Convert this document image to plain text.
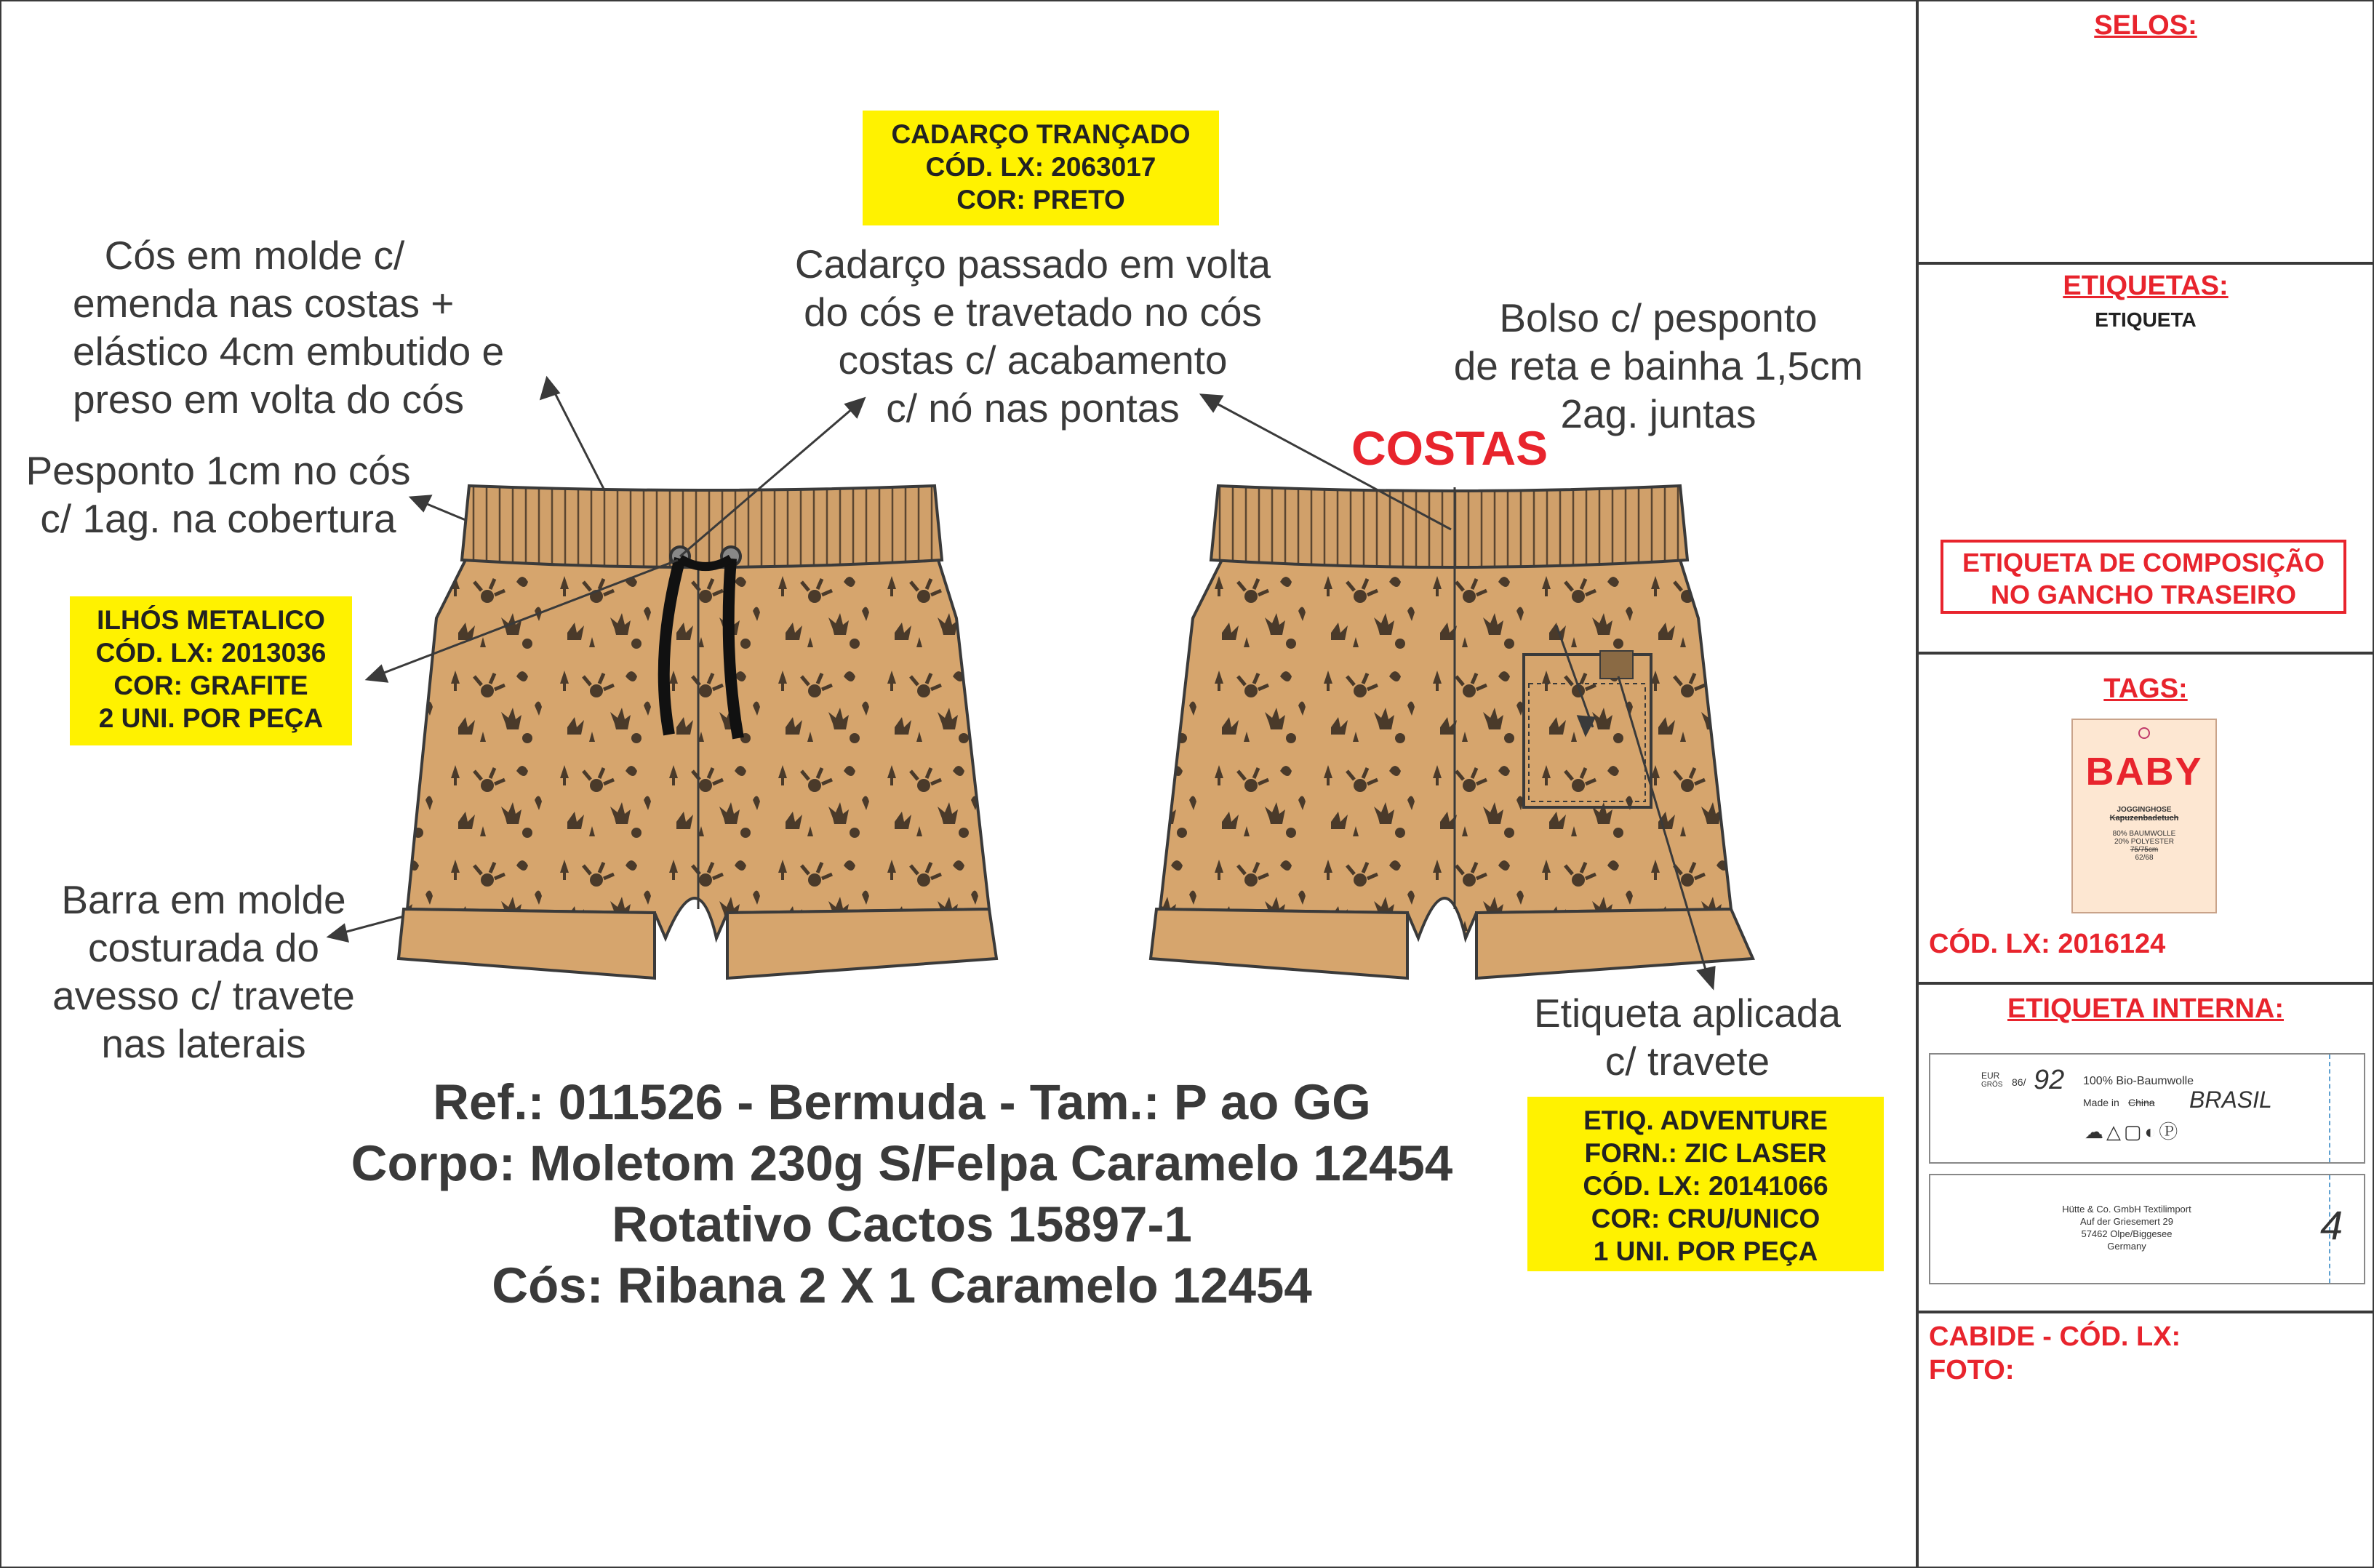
Cós em molde c/
emenda nas costas +
elástico 4cm embutido e
preso em volta do cós
Pesponto 1cm no cós
c/ 1ag. na cobertura
Barra em molde
costurada do
avesso c/ travete
nas laterais
Cadarço passado em volta
do cós e travetado no cós
costas c/ acabamento
c/ nó nas pontas
Bolso c/ pesponto
de reta e bainha 1,5cm
2ag. juntas
Etiqueta aplicada
c/ travete
COSTAS
CADARÇO TRANÇADO
CÓD. LX: 2063017
COR: PRETO
ILHÓS METALICO
CÓD. LX: 2013036
COR: GRAFITE
2 UNI. POR PEÇA
ETIQ. ADVENTURE
FORN.: ZIC LASER
CÓD. LX: 20141066
COR: CRU/UNICO
1 UNI. POR PEÇA
Ref.: 011526 - Bermuda - Tam.: P ao GG
Corpo: Moletom 230g S/Felpa Caramelo 12454
Rotativo Cactos 15897-1
Cós: Ribana 2 X 1 Caramelo 12454
SELOS:
ETIQUETAS:
ETIQUETA
ETIQUETA DE COMPOSIÇÃO
NO GANCHO TRASEIRO
TAGS:
BABY
JOGGINGHOSE
Kapuzenbadetuch
80% BAUMWOLLE
20% POLYESTER
75/75cm
62/68
CÓD. LX: 2016124
ETIQUETA INTERNA:
EUR
GRÖS 86/ 92 100% Bio-Baumwolle
Made in China BRASIL
☁△▢◐Ⓟ
Hütte & Co. GmbH Textilimport
Auf der Griesemert 29
57462 Olpe/Biggesee
Germany	4
CABIDE - CÓD. LX:
FOTO:
